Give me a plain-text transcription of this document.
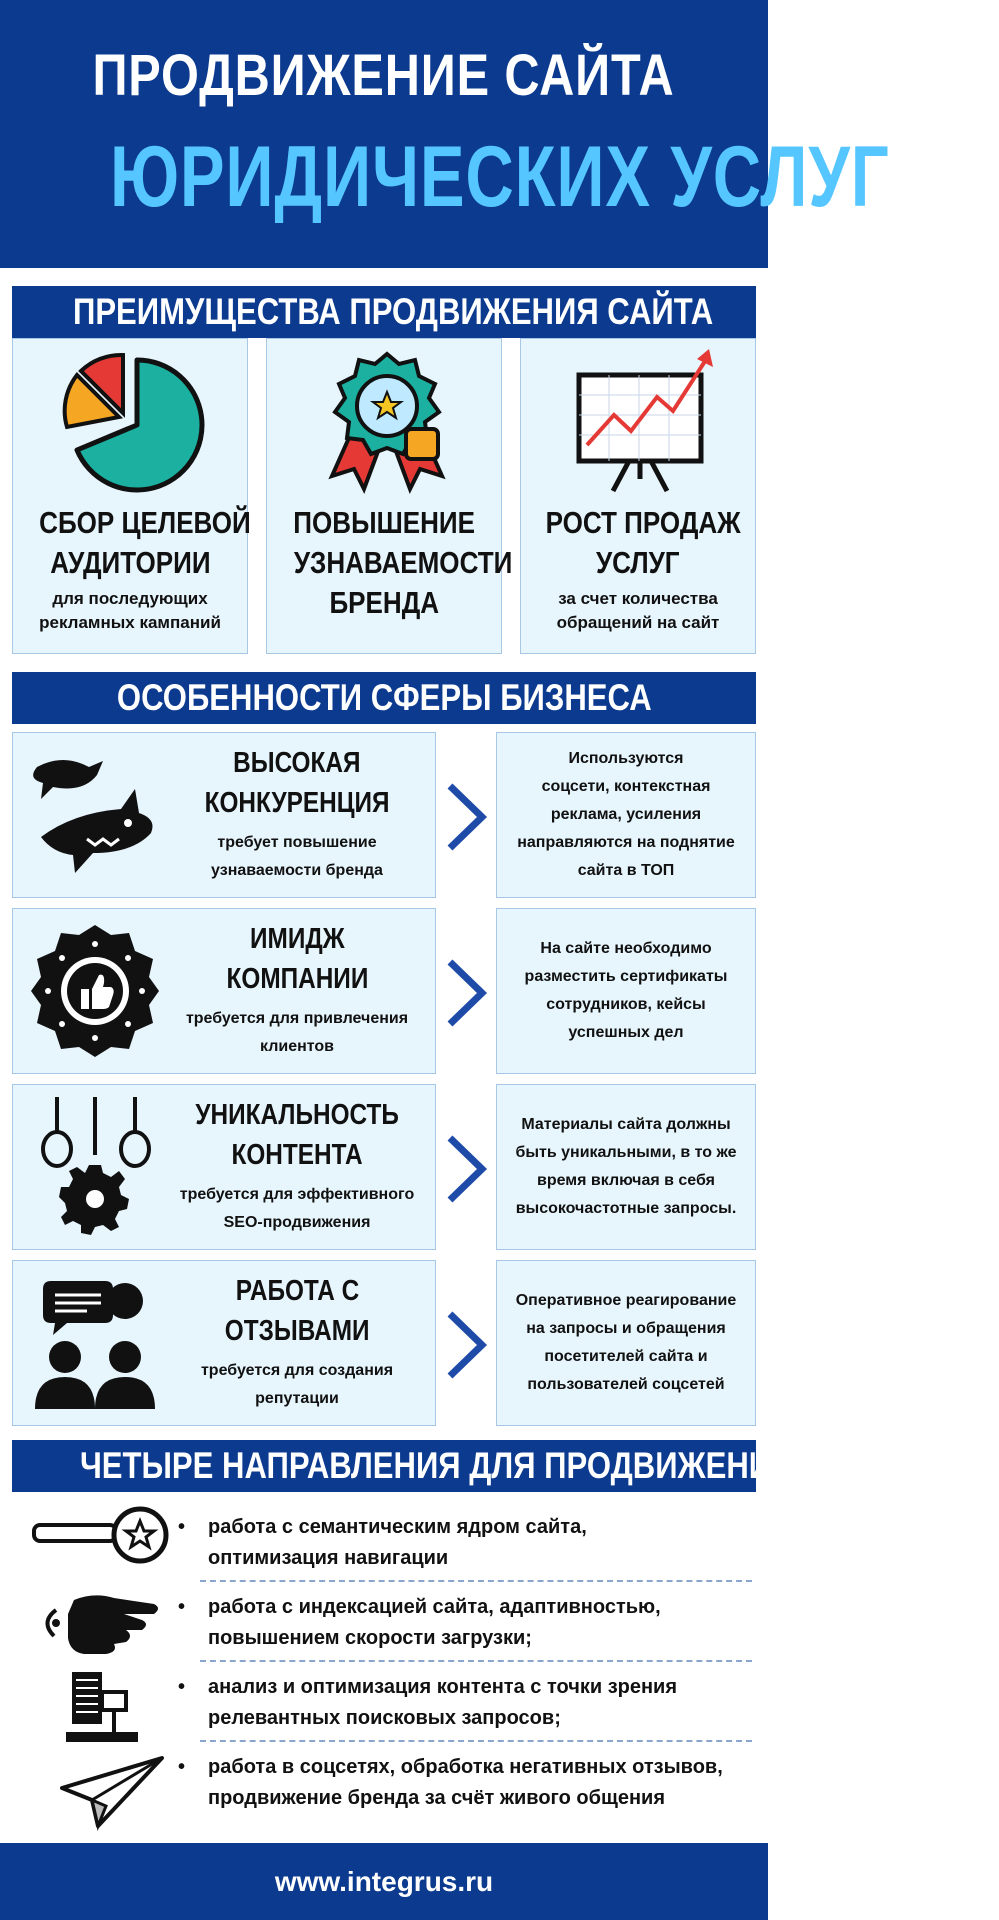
ПРОДВИЖЕНИЕ САЙТА
ЮРИДИЧЕСКИХ УСЛУГ
ПРЕИМУЩЕСТВА ПРОДВИЖЕНИЯ САЙТА
СБОР ЦЕЛЕВОЙ
АУДИТОРИИ
для последующих
рекламных кампаний
ПОВЫШЕНИЕ
УЗНАВАЕМОСТИ
БРЕНДА
РОСТ ПРОДАЖ
УСЛУГ
за счет количества
обращений на сайт
ОСОБЕННОСТИ СФЕРЫ БИЗНЕСА
ВЫСОКАЯ
КОНКУРЕНЦИЯ
требует повышение
узнаваемости бренда
Используются
соцсети, контекстная
реклама, усиления
направляются на поднятие
сайта в ТОП
ИМИДЖ
КОМПАНИИ
требуется для привлечения
клиентов
На сайте необходимо
разместить сертификаты
сотрудников, кейсы
успешных дел
УНИКАЛЬНОСТЬ
КОНТЕНТА
требуется для эффективного
SEO-продвижения
Материалы сайта должны
быть уникальными, в то же
время включая в себя
высокочастотные запросы.
РАБОТА С
ОТЗЫВАМИ
требуется для создания
репутации
Оперативное реагирование
на запросы и обращения
посетителей сайта и
пользователей соцсетей
ЧЕТЫРЕ НАПРАВЛЕНИЯ ДЛЯ ПРОДВИЖЕНИЯ
• работа с семантическим ядром сайта,
оптимизация навигации
• работа с индексацией сайта, адаптивностью,
повышением скорости загрузки;
• анализ и оптимизация контента с точки зрения
релевантных поисковых запросов;
• работа в соцсетях, обработка негативных отзывов,
продвижение бренда за счёт живого общения
www.integrus.ru
